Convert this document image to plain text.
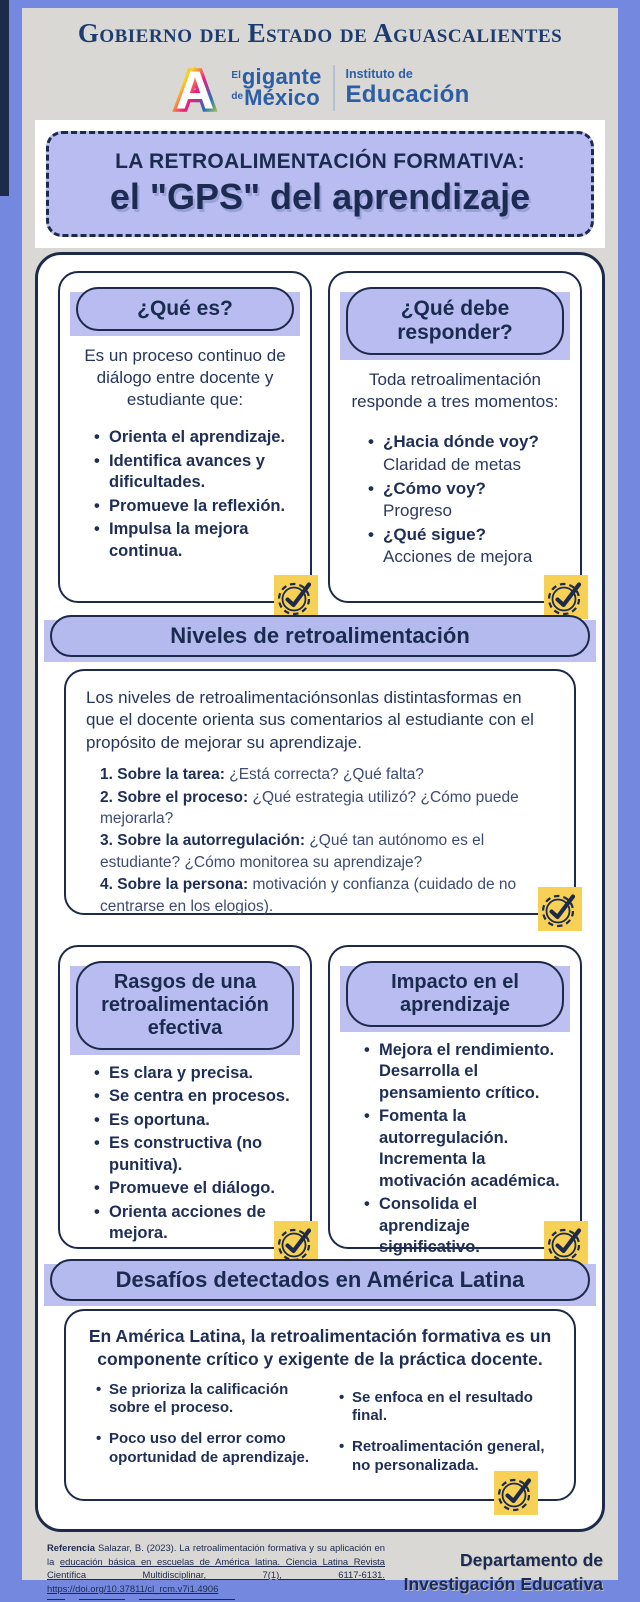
Gobierno del Estado de Aguascalientes
A $^{El}$gigante
$^{de}$México
Instituto de
Educación
LA RETROALIMENTACIÓN FORMATIVA:
el "GPS" del aprendizaje
¿Qué es?

Es un proceso continuo de diálogo entre docente y estudiante que:

• Orienta el aprendizaje.
• Identifica avances y dificultades.
• Promueve la reflexión.
• Impulsa la mejora continua.
¿Qué debe responder?

Toda retroalimentación responde a tres momentos:

• ¿Hacia dónde voy?
Claridad de metas
• ¿Cómo voy?
Progreso
• ¿Qué sigue?
Acciones de mejora
Niveles de retroalimentación

Los niveles de retroalimentaciónsonlas distintasformas en que el docente orienta sus comentarios al estudiante con el propósito de mejorar su aprendizaje.

1. Sobre la tarea: ¿Está correcta? ¿Qué falta?

2. Sobre el proceso: ¿Qué estrategia utilizó? ¿Cómo puede mejorarla?

3. Sobre la autorregulación: ¿Qué tan autónomo es el estudiante? ¿Cómo monitorea su aprendizaje?

4. Sobre la persona: motivación y confianza (cuidado de no centrarse en los elogios).

Rasgos de una retroalimentación efectiva
• Es clara y precisa.
• Se centra en procesos.
• Es oportuna.
• Es constructiva (no punitiva).
• Promueve el diálogo.
• Orienta acciones de mejora.
Impacto en el aprendizaje
• Mejora el rendimiento. Desarrolla el pensamiento crítico.
• Fomenta la autorregulación. Incrementa la motivación académica.
• Consolida el aprendizaje significativo.
Desafíos detectados en América Latina

En América Latina, la retroalimentación formativa es un componente crítico y exigente de la práctica docente.

• Se prioriza la calificación sobre el proceso.
• Poco uso del error como oportunidad de aprendizaje.
• Se enfoca en el resultado final.
• Retroalimentación general, no personalizada.
Referencia Salazar, B. (2023). La retroalimentación formativa y su aplicación en la educación básica en escuelas de América latina. Ciencia Latina Revista Científica Multidisciplinar, 7(1), 6117-6131. https://doi.org/10.37811/cl_rcm.v7i1.4906
Departamento de
Investigación Educativa
